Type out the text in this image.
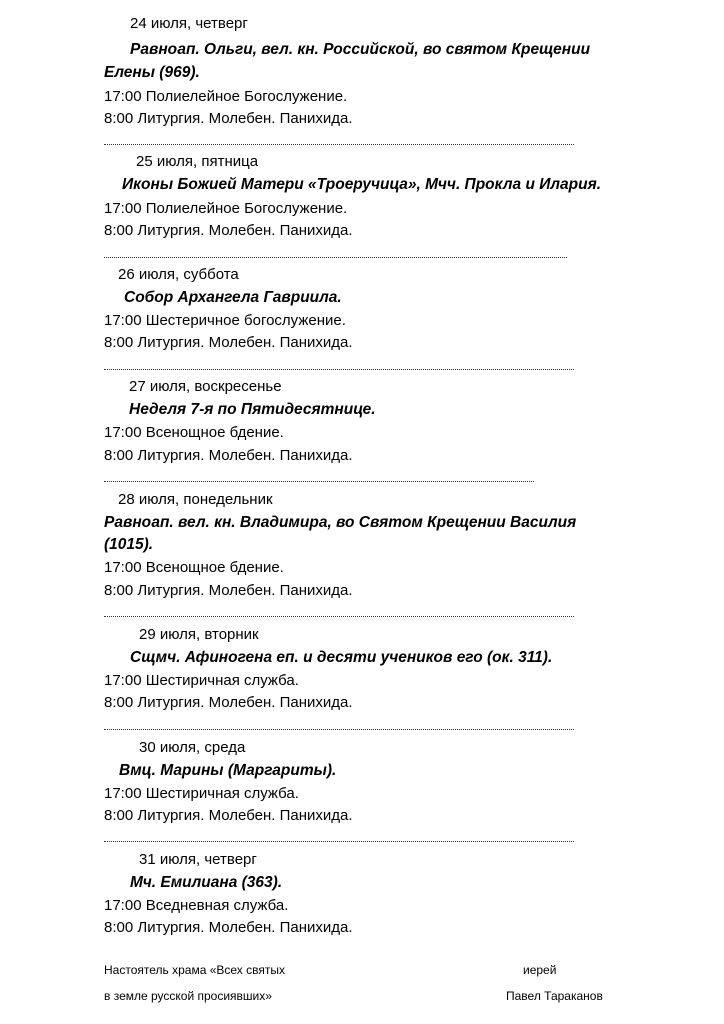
24 июля, четверг
Равноап. Ольги, вел. кн. Российской, во святом Крещении
Елены (969).
17:00 Полиелейное Богослужение.
8:00 Литургия. Молебен. Панихида.
25 июля, пятница
Иконы Божией Матери «Троеручица», Мчч. Прокла и Илария.
17:00 Полиелейное Богослужение.
8:00 Литургия. Молебен. Панихида.
26 июля, суббота
Собор Архангела Гавриила.
17:00 Шестеричное богослужение.
8:00 Литургия. Молебен. Панихида.
27 июля, воскресенье
Неделя 7-я по Пятидесятнице.
17:00 Всенощное бдение.
8:00 Литургия. Молебен. Панихида.
28 июля, понедельник
Равноап. вел. кн. Владимира, во Святом Крещении Василия
(1015).
17:00 Всенощное бдение.
8:00 Литургия. Молебен. Панихида.
29 июля, вторник
Сщмч. Афиногена еп. и десяти учеников его (ок. 311).
17:00 Шестиричная служба.
8:00 Литургия. Молебен. Панихида.
30 июля, среда
Вмц. Марины (Маргариты).
17:00 Шестиричная служба.
8:00 Литургия. Молебен. Панихида.
31 июля, четверг
Мч. Емилиана (363).
17:00 Вседневная служба.
8:00 Литургия. Молебен. Панихида.
Настоятель храма «Всех святых
в земле русской просиявших»
иерей
Павел Тараканов
